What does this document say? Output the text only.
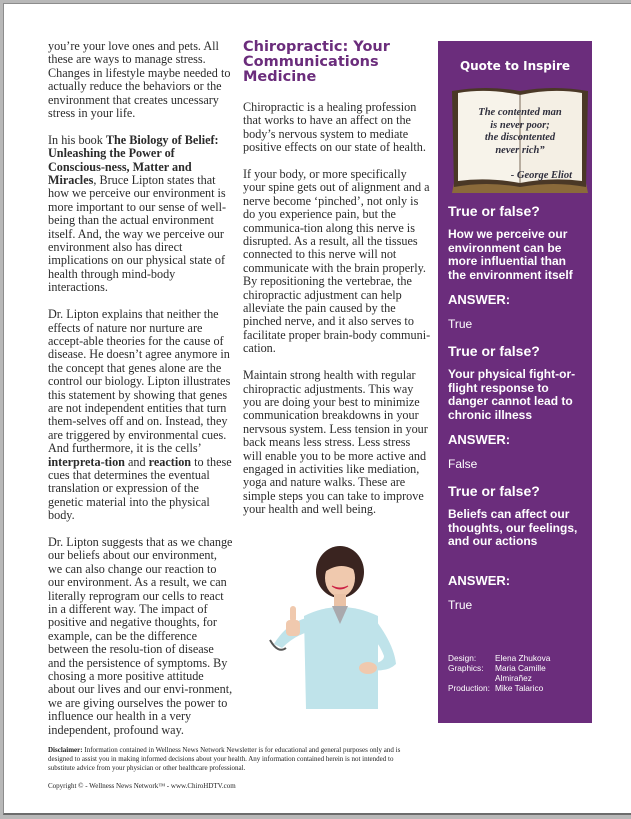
you’re your love ones and pets. All these are ways to manage stress. Changes in lifestyle maybe needed to actually reduce the behaviors or the environment that creates uncessary stress in your life.

In his book The Biology of Belief: Unleashing the Power of Conscious-ness, Matter and Miracles, Bruce Lipton states that how we perceive our environment is more important to our sense of well-being than the actual environment itself. And, the way we perceive our environment also has direct implications on our physical state of health through mind-body interactions.

Dr. Lipton explains that neither the effects of nature nor nurture are accept-able theories for the cause of disease. He doesn’t agree anymore in the concept that genes alone are the control our biology. Lipton illustrates this statement by showing that genes are not independent entities that turn them-selves off and on. Instead, they are triggered by environmental cues. And furthermore, it is the cells’ interpreta-tion and reaction to these cues that determines the eventual translation or expression of the genetic material into the physical body.

Dr. Lipton suggests that as we change our beliefs about our environment, we can also change our reaction to our environment. As a result, we can literally reprogram our cells to react in a different way. The impact of positive and negative thoughts, for example, can be the difference between the resolu-tion of disease and the persistence of symptoms. By chosing a more positive attitude about our lives and our envi-ronment, we are giving ourselves the power to influence our health in a very independent, profound way.

Chiropractic: Your Communications Medicine

Chiropractic is a healing profession that works to have an affect on the body’s nervous system to mediate positive effects on our state of health.

If your body, or more specifically your spine gets out of alignment and a nerve become ‘pinched’, not only is do you experience pain, but the communica-tion along this nerve is disrupted. As a result, all the tissues connected to this nerve will not communicate with the brain properly. By repositioning the vertebrae, the chiropractic adjustment can help alleviate the pain caused by the pinched nerve, and it also serves to facilitate proper brain-body communi-cation.

Maintain strong health with regular chiropractic adjustments. This way you are doing your best to minimize communication breakdowns in your nervsous system. Less tension in your back means less stress. Less stress will enable you to be more active and engaged in activities like mediation, yoga and nature walks. These are simple steps you can take to improve your health and well being.

Quote to Inspire
The contented man
is never poor;
the discontented
never rich”
- George Eliot
True or false?
How we perceive our environment can be more influential than the environment itself
ANSWER:
True
True or false?
Your physical fight-or-flight response to danger cannot lead to chronic illness
ANSWER:
False
True or false?
Beliefs can affect our thoughts, our feelings, and our actions
ANSWER:
True
Design:	Elena Zhukova
Graphics:	Maria Camille Almirañez
Production: Mike Talarico
Disclaimer: Information contained in Wellness News Network Newsletter is for educational and general purposes only and is designed to assist you in making informed decisions about your health. Any information contained herein is not intended to substitute advice from your physician or other healthcare professional.
Copyright © - Wellness News Network™ - www.ChiroHDTV.com
